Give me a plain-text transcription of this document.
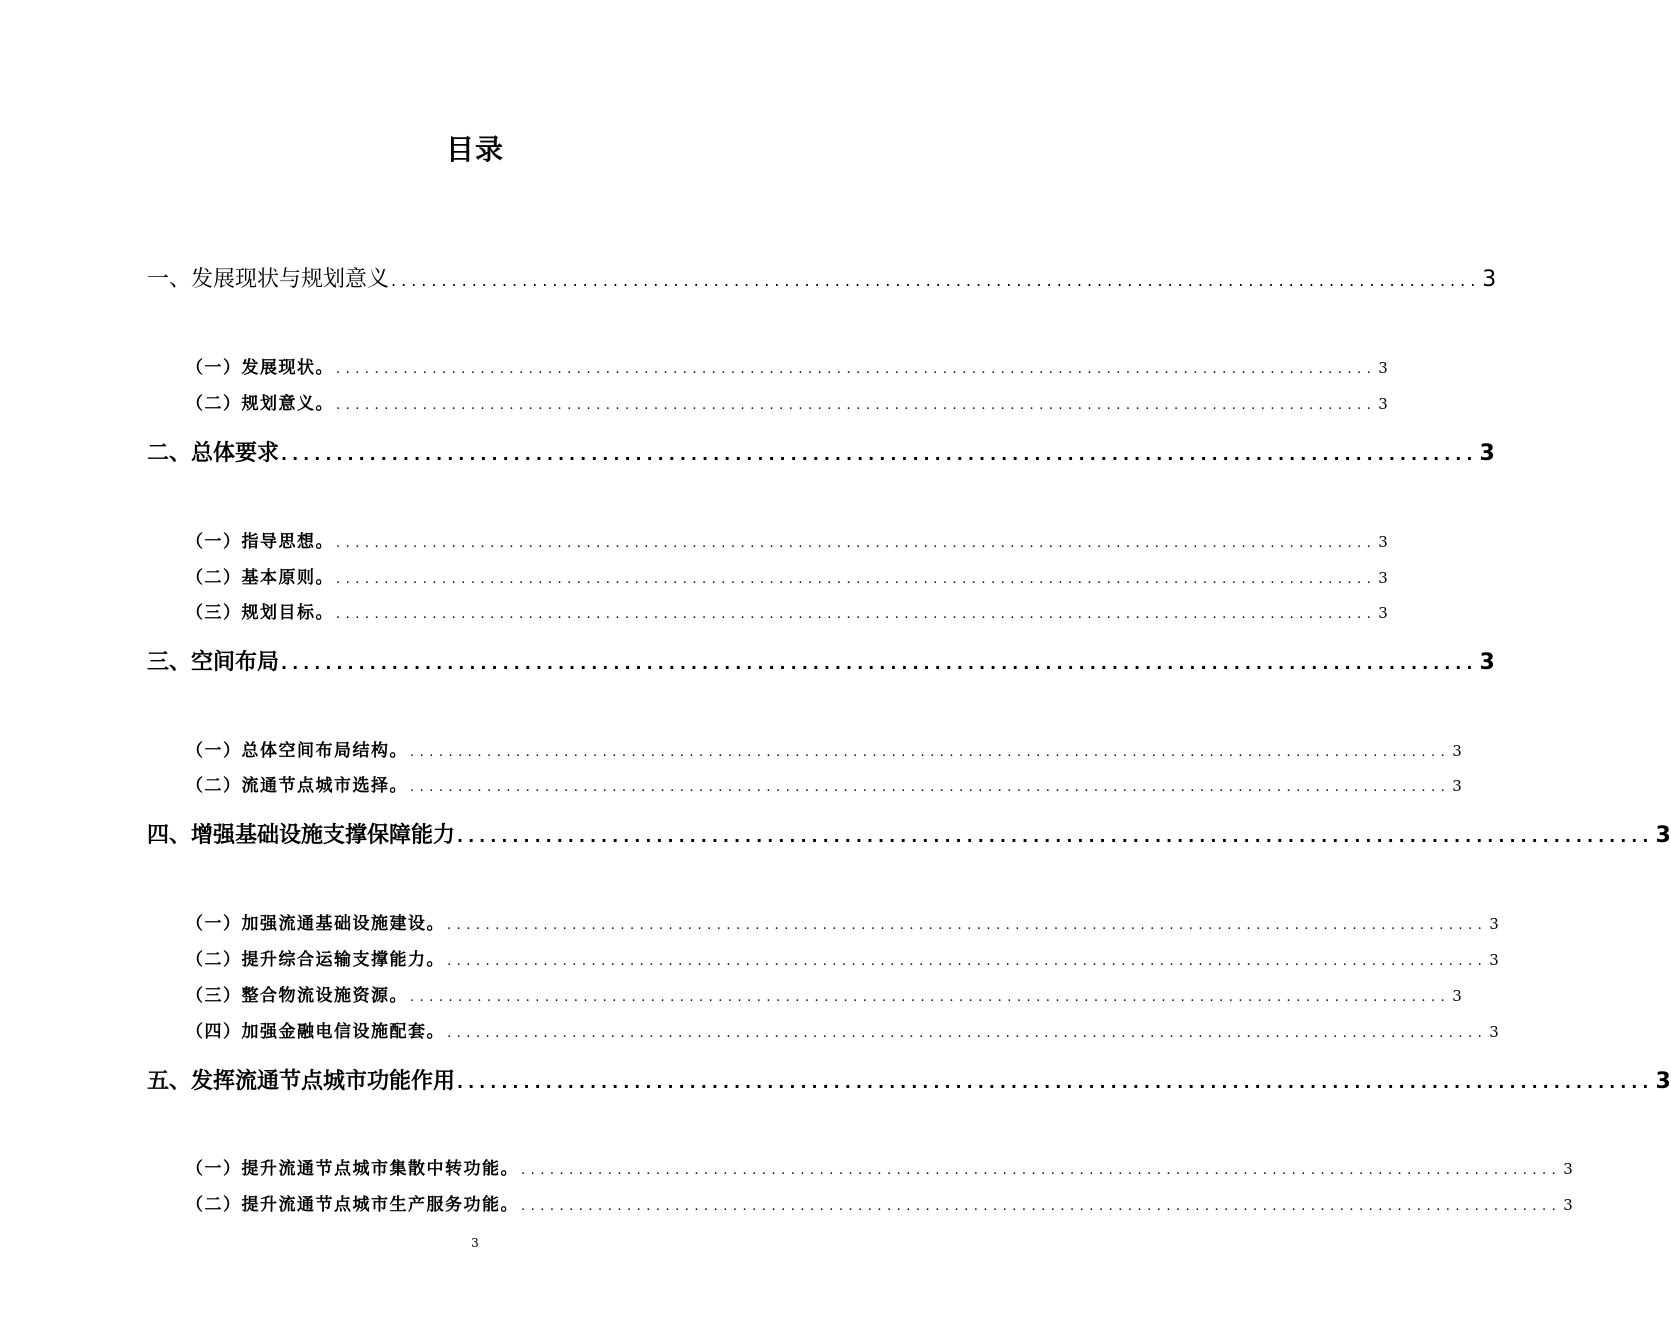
目录
一、发展现状与规划意义 ............................................................................................................ 3
（一）发展现状。 ............................................................................................................ 3
（二）规划意义。 ............................................................................................................ 3
二、总体要求 ............................................................................................................ 3
（一）指导思想。 ............................................................................................................ 3
（二）基本原则。 ............................................................................................................ 3
（三）规划目标。 ............................................................................................................ 3
三、空间布局 ............................................................................................................ 3
（一）总体空间布局结构。 ............................................................................................................ 3
（二）流通节点城市选择。 ............................................................................................................ 3
四、增强基础设施支撑保障能力 ............................................................................................................ 3
（一）加强流通基础设施建设。 ............................................................................................................ 3
（二）提升综合运输支撑能力。 ............................................................................................................ 3
（三）整合物流设施资源。 ............................................................................................................ 3
（四）加强金融电信设施配套。 ............................................................................................................ 3
五、发挥流通节点城市功能作用 ............................................................................................................ 3
（一）提升流通节点城市集散中转功能。 ............................................................................................................ 3
（二）提升流通节点城市生产服务功能。 ............................................................................................................ 3
3
